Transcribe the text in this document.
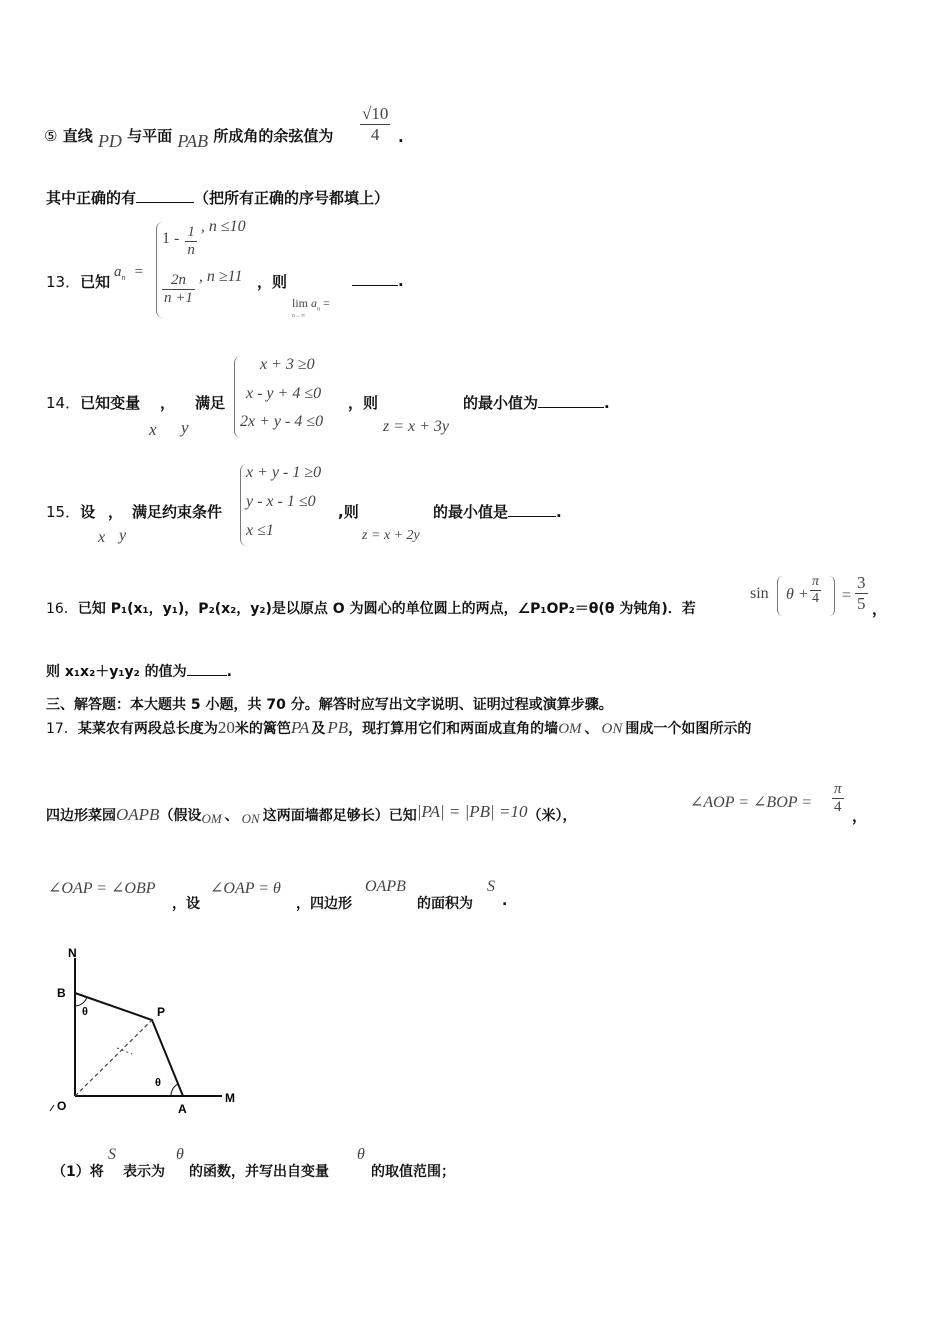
⑤ 直线 PD 与平面 PAB 所成角的余弦值为 $\frac{√10}{4}$ .
其中正确的有	（把所有正确的序号都填上）
13．已知
$a_n$ =
$1 - \frac{1}{n}$ , n ≤10
$\frac{2n}{n +1}$ , n ≥11 ，则
$\lim a_n$ =
n→∞
.
14．已知变量 ， 满足
x y
x + 3 ≥0
x - y + 4 ≤0
2x + y - 4 ≤0
，则
z = x + 3y
的最小值为	.
15．设 ， 满足约束条件
x y
x + y - 1 ≥0
y - x - 1 ≤0
x ≤1
,则
z = x + 2y
的最小值是	.
16．已知 P₁(x₁，y₁)，P₂(x₂，y₂)是以原点 O 为圆心的单位圆上的两点，∠P₁OP₂＝θ(θ 为钝角)．若
$\sin \theta + \frac{\pi}{4} = \frac{3}{5}$ ，
则 x₁x₂＋y₁y₂ 的值为	.
三、解答题：本大题共 5 小题，共 70 分。解答时应写出文字说明、证明过程或演算步骤。
17．某菜农有两段总长度为20米的篱笆PA 及 PB，现打算用它们和两面成直角的墙OM 、 ON 围成一个如图所示的
四边形菜园OAPB（假设OM 、 ON 这两面墙都足够长）已知|PA| = |PB| =10（米），
∠AOP = ∠BOP = $\frac{\pi}{4}$ ，
∠OAP = ∠OBP
，设
∠OAP = θ
，四边形
OAPB
的面积为
S
.
N
B
P
O	A
M
θ
θ
（1）将
S
表示为
θ
的函数，并写出自变量
θ
的取值范围；
